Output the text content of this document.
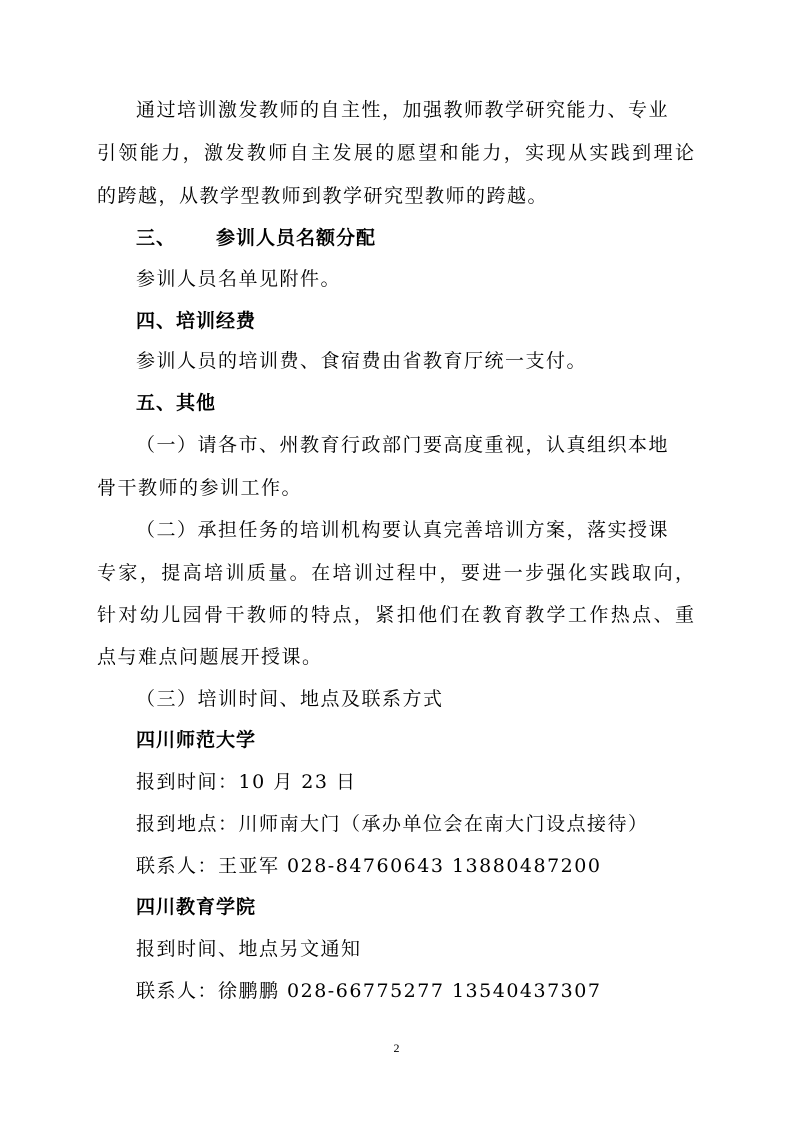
通过培训激发教师的自主性，加强教师教学研究能力、专业
引领能力，激发教师自主发展的愿望和能力，实现从实践到理论
的跨越，从教学型教师到教学研究型教师的跨越。
三、 参训人员名额分配
参训人员名单见附件。
四、培训经费
参训人员的培训费、食宿费由省教育厅统一支付。
五、其他
（一）请各市、州教育行政部门要高度重视，认真组织本地
骨干教师的参训工作。
（二）承担任务的培训机构要认真完善培训方案，落实授课
专家，提高培训质量。在培训过程中，要进一步强化实践取向，
针对幼儿园骨干教师的特点，紧扣他们在教育教学工作热点、重
点与难点问题展开授课。
（三）培训时间、地点及联系方式
四川师范大学
报到时间：10 月 23 日
报到地点：川师南大门（承办单位会在南大门设点接待）
联系人：王亚军 028-84760643 13880487200
四川教育学院
报到时间、地点另文通知
联系人：徐鹏鹏 028-66775277 13540437307
2
